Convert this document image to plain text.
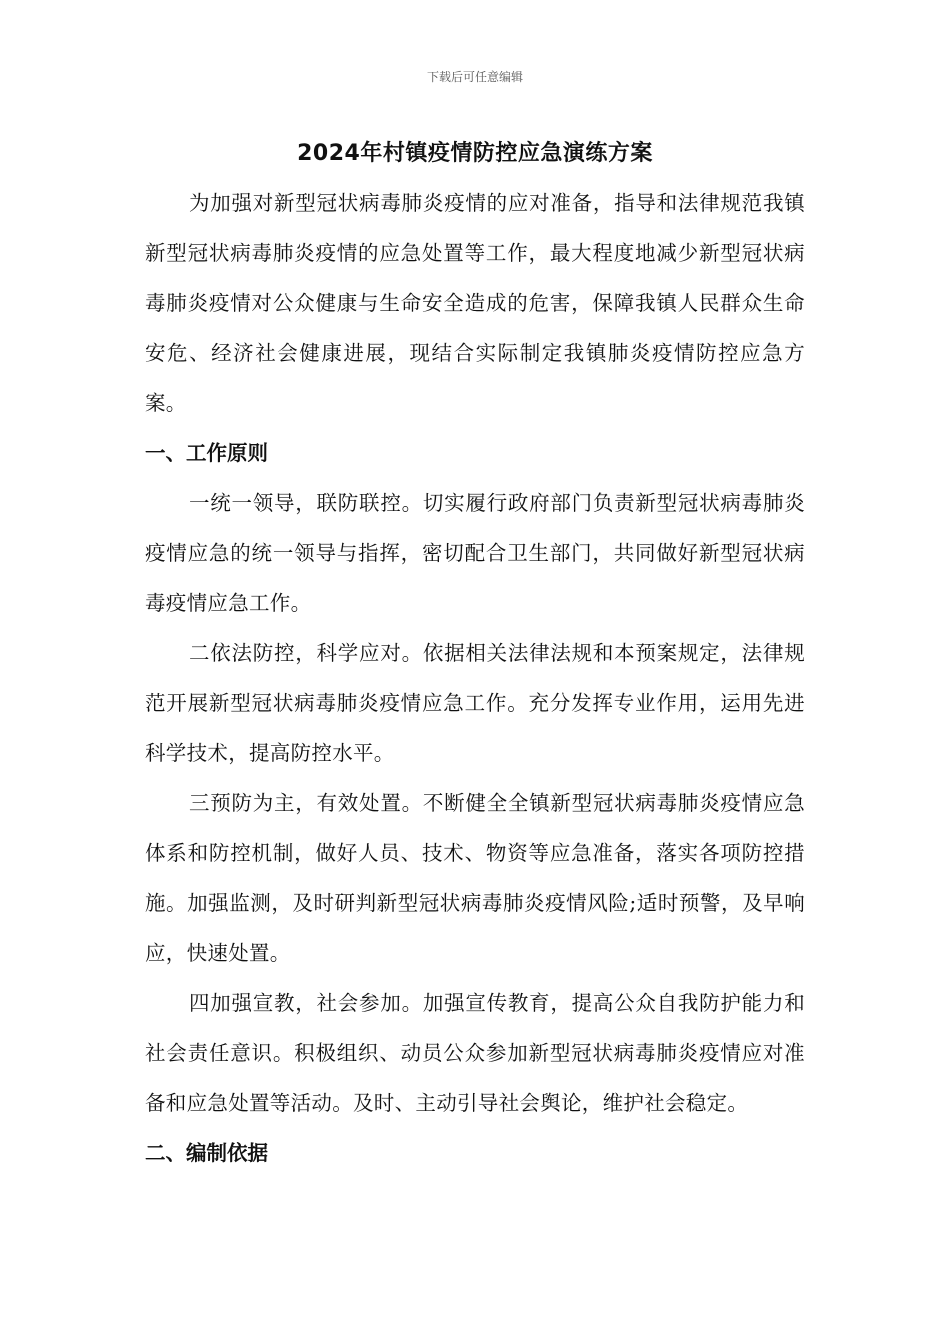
下载后可任意编辑
2024年村镇疫情防控应急演练方案

为加强对新型冠状病毒肺炎疫情的应对准备，指导和法律规范我镇新型冠状病毒肺炎疫情的应急处置等工作，最大程度地减少新型冠状病毒肺炎疫情对公众健康与生命安全造成的危害，保障我镇人民群众生命安危、经济社会健康进展，现结合实际制定我镇肺炎疫情防控应急方案。

一、工作原则

一统一领导，联防联控。切实履行政府部门负责新型冠状病毒肺炎疫情应急的统一领导与指挥，密切配合卫生部门，共同做好新型冠状病毒疫情应急工作。

二依法防控，科学应对。依据相关法律法规和本预案规定，法律规范开展新型冠状病毒肺炎疫情应急工作。充分发挥专业作用，运用先进科学技术，提高防控水平。

三预防为主，有效处置。不断健全全镇新型冠状病毒肺炎疫情应急体系和防控机制，做好人员、技术、物资等应急准备，落实各项防控措施。加强监测，及时研判新型冠状病毒肺炎疫情风险;适时预警，及早响应，快速处置。

四加强宣教，社会参加。加强宣传教育，提高公众自我防护能力和社会责任意识。积极组织、动员公众参加新型冠状病毒肺炎疫情应对准备和应急处置等活动。及时、主动引导社会舆论，维护社会稳定。

二、编制依据
